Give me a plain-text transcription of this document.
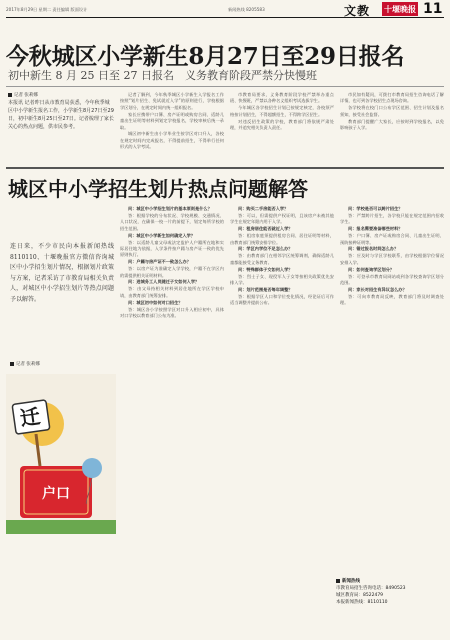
2017年8月29日 星期二 责任编辑 版面设计	新闻热线 8205583	文教 十堰晚报 11
今秋城区小学新生8月27日至29日报名
初中新生 8 月 25 日至 27 日报名　义务教育阶段严禁分快慢班
记者 张莉娜
本报讯 记者昨日从市教育局获悉，今年秋季城区中小学新生报名工作，小学新生8月27日至29日，初中新生8月25日至27日。记者梳理了家长关心的热点问题，供市民参考。

记者了解到，今年秋季城区小学新生入学报名工作按照“划片招生、免试就近入学”的原则进行，学校根据学区划分，在规定时间内统一组织报名。

家长应携带户口簿、房产证明或购房合同、适龄儿童出生证明等材料到划定学校报名，学校审核后统一录取。

城区初中新生由小学毕业生按学区对口升入，各校在规定时间内完成报名，不得提前招生，不得举行任何形式的入学考试。

市教育局要求，义务教育阶段学校严禁举办重点班、快慢班，严禁以各种名义组织考试选拔学生。

今年城区各学校招生计划已按规定核定，各校须严格按计划招生，不得超额招生，不得跨学区招生。

对违反招生政策的学校，教育部门将依规严肃处理，并追究相关负责人责任。

市民如有疑问，可拨打市教育局招生咨询电话了解详情，也可到各学校招生点现场咨询。

各学校将在校门口公布学区范围、招生计划及报名须知，接受社会监督。

教育部门提醒广大家长，应按时到学校报名，以免影响孩子入学。

城区中小学招生划片热点问题解答
连日来，不少市民向本报新闻热线8110110、十堰晚报官方微信咨询城区中小学招生划片情况，根据划片政策与方案，记者采访了市教育局相关负责人，对城区中小学招生划片等热点问题予以解答。
记者 张莉娜
迁
户口

问：城区中小学招生划片的基本原则是什么？

答：根据学校的分布状况、学校规模、交通情况、人口状况，在确保一校一片的前提下，划定每所学校的招生范围。

问：城区中小学新生如何确定入学？

答：以适龄儿童父母或法定监护人户籍所在地和实际居住地为依据，入学条件按户籍与房产证一致的优先原则执行。

问：户籍与房产证不一致怎么办？

答：以房产证为准确定入学学校，户籍不在学区内的需提供相关证明材料。

问：进城务工人员随迁子女如何入学？

答：由父母持相关材料到居住地所在学区学校申请，由教育部门统筹安排。

问：城区初中如何对口招生？

答：城区各小学按照学区对口升入相应初中，具体对口学校以教育部门公布为准。

问：购买二手房能否入学？

答：可以，但需提供产权证明，且该房产未被其他学生在规定年限内用于入学。

问：租房居住能否就近入学？

答：租房家庭须提供租房合同、居住证明等材料，由教育部门统筹安排学位。

问：学区内学位不足怎么办？

答：由教育部门在相邻学区统筹调剂，确保适龄儿童都能接受义务教育。

问：特殊群体子女如何入学？

答：烈士子女、现役军人子女等按相关政策优先安排入学。

问：划片范围是否每年调整？

答：根据学区人口和学位变化情况，经论证后可作适当调整并提前公布。

问：学校是否可以跨片招生？

答：严禁跨片招生，各学校只能在规定范围内招收学生。

问：报名需要准备哪些材料？

答：户口簿、房产证或购房合同、儿童出生证明、预防接种证明等。

问：错过报名时间怎么办？

答：应及时与学区学校联系，由学校根据学位情况安排入学。

问：如何查询学区划分？

答：可登录市教育局网站或到各学校查询学区划分范围。

问：家长对招生有异议怎么办？

答：可向市教育局反映，教育部门将及时调查处理。

新闻热线
市教育局招生咨询电话：8490523
城区教育局：8522479
本报新闻热线：8110110
